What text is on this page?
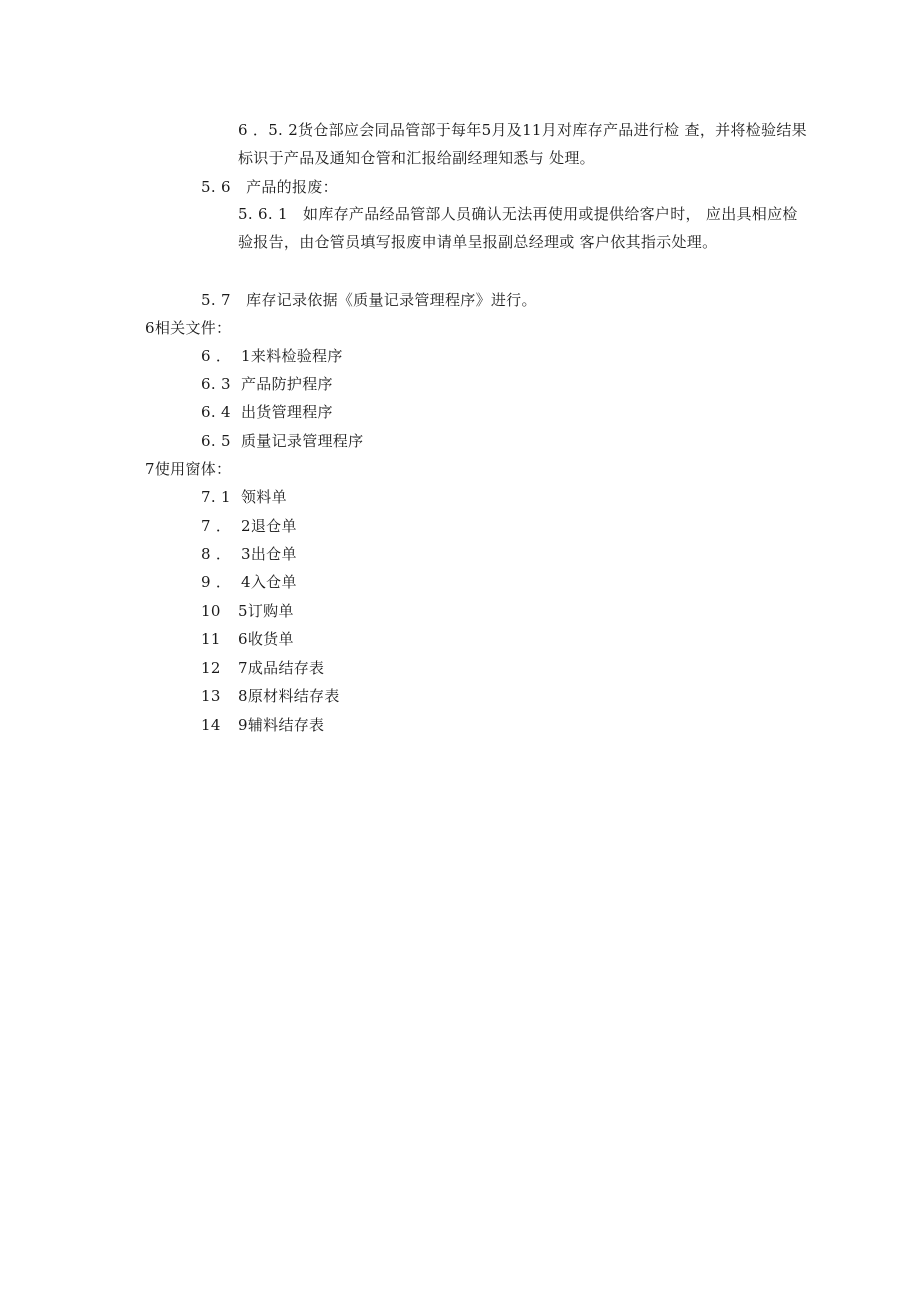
6 ．5. 2货仓部应会同品管部于每年5月及11月对库存产品进行检 查，并将检验结果标识于产品及通知仓管和汇报给副经理知悉与 处理。
5. 6 产品的报废：
5. 6. 1 如库存产品经品管部人员确认无法再使用或提供给客户时， 应出具相应检验报告，由仓管员填写报废申请单呈报副总经理或 客户依其指示处理。
5. 7 库存记录依据《质量记录管理程序》进行。
6相关文件：
6 ． 1来料检验程序
6. 3 产品防护程序
6. 4 出货管理程序
6. 5 质量记录管理程序
7使用窗体：
7. 1 领料单
7 ． 2退仓单
8 ． 3出仓单
9 ． 4入仓单
10 5订购单
11 6收货单
12 7成品结存表
13 8原材料结存表
14 9辅料结存表
